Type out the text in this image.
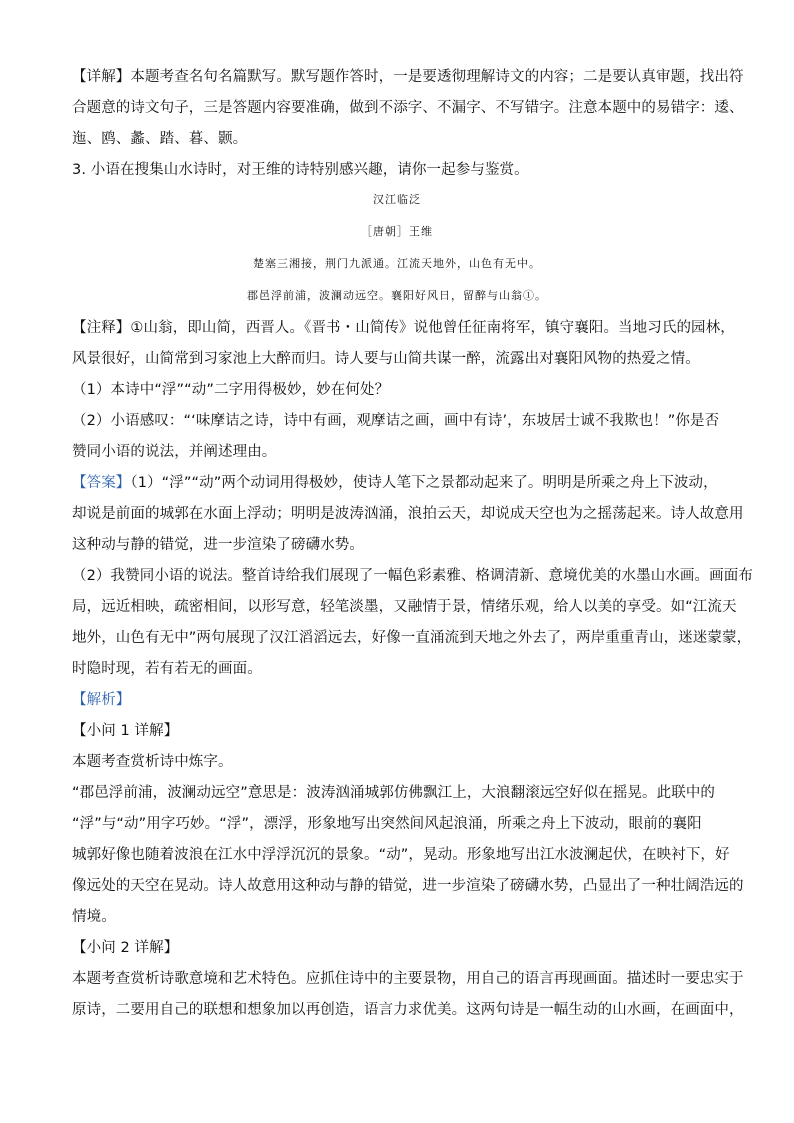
【详解】本题考查名句名篇默写。默写题作答时，一是要透彻理解诗文的内容；二是要认真审题，找出符
合题意的诗文句子，三是答题内容要准确，做到不添字、不漏字、不写错字。注意本题中的易错字：逶、
迤、鸥、蠡、踏、暮、颢。
3. 小语在搜集山水诗时，对王维的诗特别感兴趣，请你一起参与鉴赏。
汉江临泛
［唐朝］王维
楚塞三湘接，荆门九派通。江流天地外，山色有无中。
郡邑浮前浦，波澜动远空。襄阳好风日，留醉与山翁①。
【注释】①山翁，即山简，西晋人。《晋书・山简传》说他曾任征南将军，镇守襄阳。当地习氏的园林，
风景很好，山简常到习家池上大醉而归。诗人要与山简共谋一醉，流露出对襄阳风物的热爱之情。
（1）本诗中“浮”“动”二字用得极妙，妙在何处？
（2）小语感叹：“‘味摩诘之诗，诗中有画，观摩诘之画，画中有诗’，东坡居士诚不我欺也！”你是否
赞同小语的说法，并阐述理由。
【答案】（1）“浮”“动”两个动词用得极妙，使诗人笔下之景都动起来了。明明是所乘之舟上下波动，
却说是前面的城郭在水面上浮动；明明是波涛汹涌，浪拍云天，却说成天空也为之摇荡起来。诗人故意用
这种动与静的错觉，进一步渲染了磅礴水势。
（2）我赞同小语的说法。整首诗给我们展现了一幅色彩素雅、格调清新、意境优美的水墨山水画。画面布
局，远近相映，疏密相间，以形写意，轻笔淡墨，又融情于景，情绪乐观，给人以美的享受。如“江流天
地外，山色有无中”两句展现了汉江滔滔远去，好像一直涌流到天地之外去了，两岸重重青山，迷迷蒙蒙，
时隐时现，若有若无的画面。
【解析】
【小问 1 详解】
本题考查赏析诗中炼字。
“郡邑浮前浦，波澜动远空”意思是：波涛汹涌城郭仿佛飘江上，大浪翻滚远空好似在摇晃。此联中的
“浮”与“动”用字巧妙。“浮”，漂浮，形象地写出突然间风起浪涌，所乘之舟上下波动，眼前的襄阳
城郭好像也随着波浪在江水中浮浮沉沉的景象。“动”，晃动。形象地写出江水波澜起伏，在映衬下，好
像远处的天空在晃动。诗人故意用这种动与静的错觉，进一步渲染了磅礴水势，凸显出了一种壮阔浩远的
情境。
【小问 2 详解】
本题考查赏析诗歌意境和艺术特色。应抓住诗中的主要景物，用自己的语言再现画面。描述时一要忠实于
原诗，二要用自己的联想和想象加以再创造，语言力求优美。这两句诗是一幅生动的山水画，在画面中，
